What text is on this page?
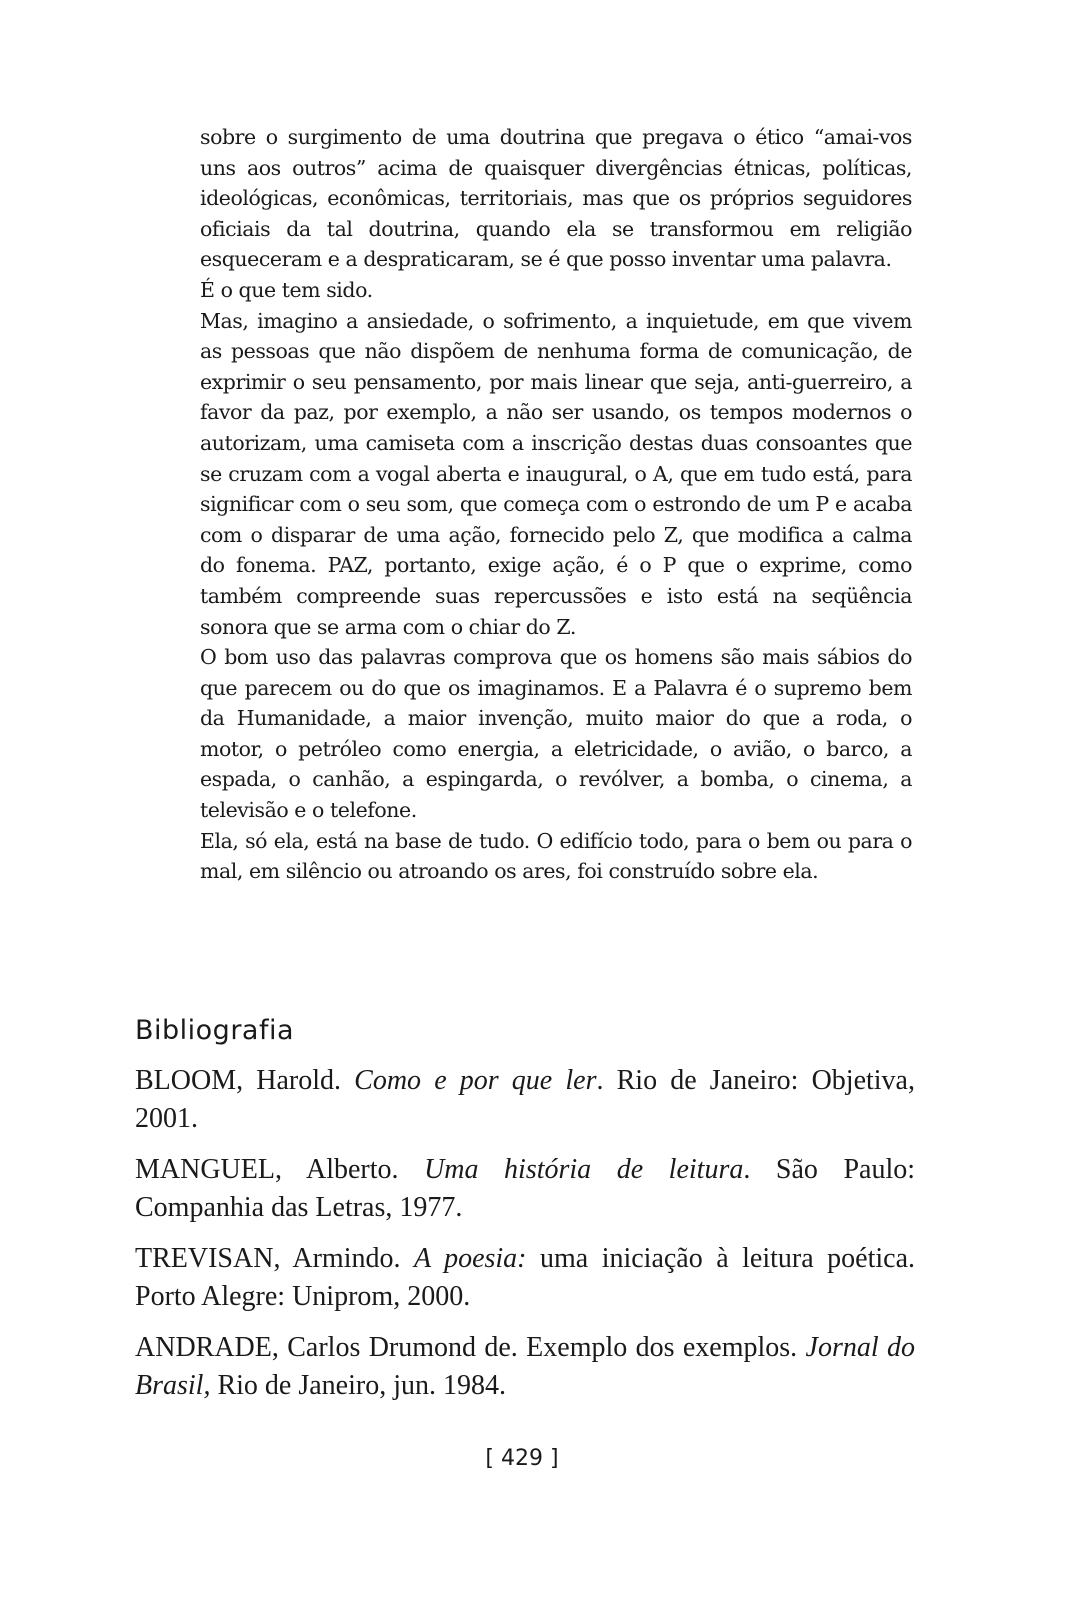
sobre o surgimento de uma doutrina que pregava o ético “amai-vos uns aos outros” acima de quaisquer divergências étnicas, políticas, ideológicas, econômicas, territoriais, mas que os próprios seguidores oficiais da tal doutrina, quando ela se transformou em religião esqueceram e a despraticaram, se é que posso inventar uma palavra.

É o que tem sido.

Mas, imagino a ansiedade, o sofrimento, a inquietude, em que vivem as pessoas que não dispõem de nenhuma forma de comunicação, de exprimir o seu pensamento, por mais linear que seja, anti-guerreiro, a favor da paz, por exemplo, a não ser usando, os tempos modernos o autorizam, uma camiseta com a inscrição destas duas consoantes que se cruzam com a vogal aberta e inaugural, o A, que em tudo está, para significar com o seu som, que começa com o estrondo de um P e acaba com o disparar de uma ação, fornecido pelo Z, que modifica a calma do fonema. PAZ, portanto, exige ação, é o P que o exprime, como também compreende suas repercussões e isto está na seqüência sonora que se arma com o chiar do Z.

O bom uso das palavras comprova que os homens são mais sábios do que parecem ou do que os imaginamos. E a Palavra é o supremo bem da Humanidade, a maior invenção, muito maior do que a roda, o motor, o petróleo como energia, a eletricidade, o avião, o barco, a espada, o canhão, a espingarda, o revólver, a bomba, o cinema, a televisão e o telefone.

Ela, só ela, está na base de tudo. O edifício todo, para o bem ou para o mal, em silêncio ou atroando os ares, foi construído sobre ela.

Bibliografia

BLOOM, Harold. Como e por que ler. Rio de Janeiro: Objetiva, 2001.

MANGUEL, Alberto. Uma história de leitura. São Paulo: Companhia das Letras, 1977.

TREVISAN, Armindo. A poesia: uma iniciação à leitura poética. Porto Alegre: Uniprom, 2000.

ANDRADE, Carlos Drumond de. Exemplo dos exemplos. Jornal do Brasil, Rio de Janeiro, jun. 1984.

[ 429 ]
